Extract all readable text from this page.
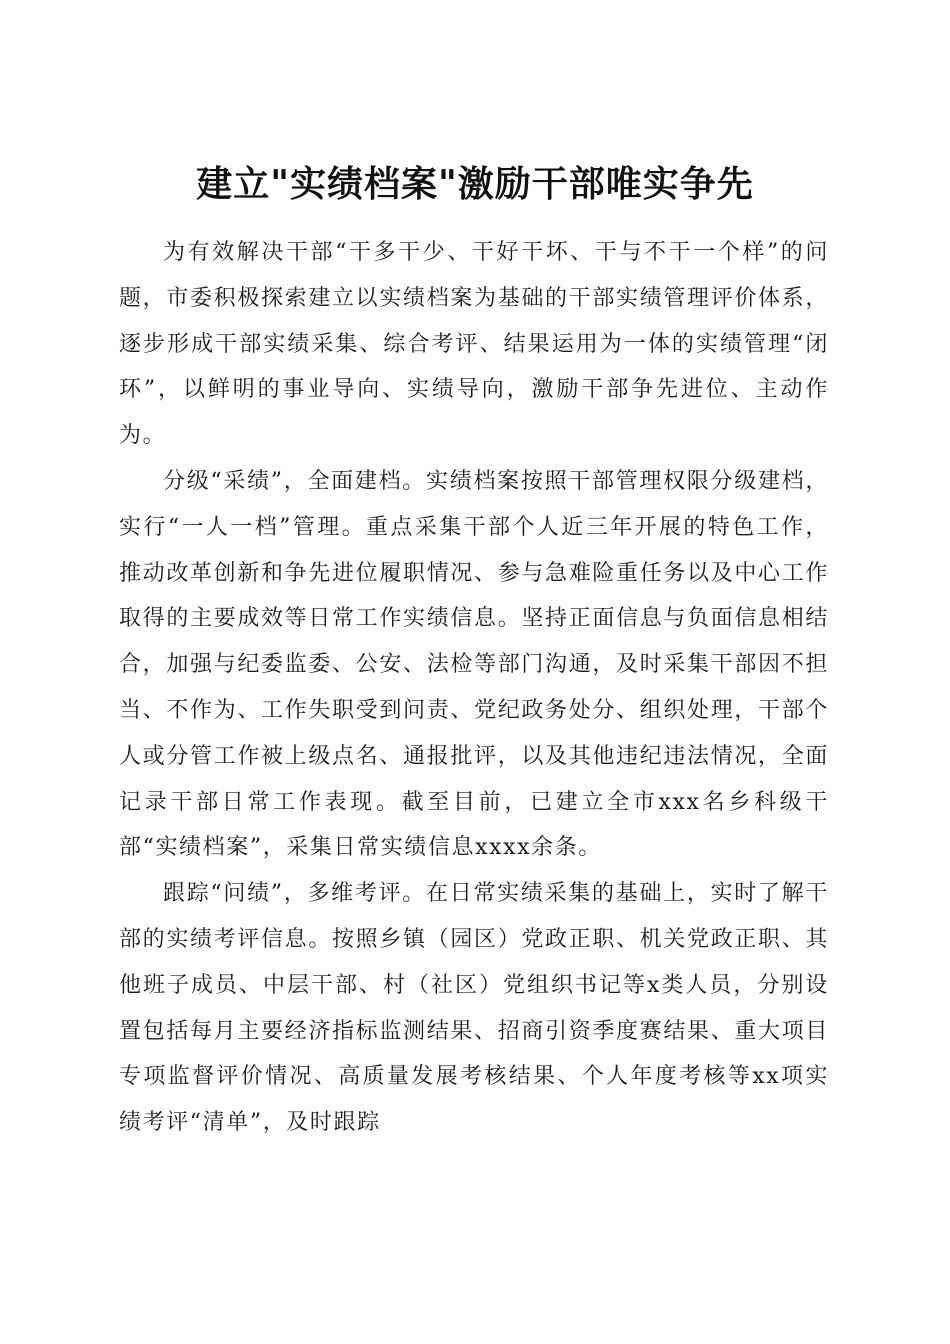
建立"实绩档案"激励干部唯实争先

为有效解决干部“干多干少、干好干坏、干与不干一个样”的问题，市委积极探索建立以实绩档案为基础的干部实绩管理评价体系，逐步形成干部实绩采集、综合考评、结果运用为一体的实绩管理“闭环”，以鲜明的事业导向、实绩导向，激励干部争先进位、主动作为。

分级“采绩”，全面建档。实绩档案按照干部管理权限分级建档，实行“一人一档”管理。重点采集干部个人近三年开展的特色工作，推动改革创新和争先进位履职情况、参与急难险重任务以及中心工作取得的主要成效等日常工作实绩信息。坚持正面信息与负面信息相结合，加强与纪委监委、公安、法检等部门沟通，及时采集干部因不担当、不作为、工作失职受到问责、党纪政务处分、组织处理，干部个人或分管工作被上级点名、通报批评，以及其他违纪违法情况，全面记录干部日常工作表现。截至目前，已建立全市xxx名乡科级干部“实绩档案”，采集日常实绩信息xxxx余条。

跟踪“问绩”，多维考评。在日常实绩采集的基础上，实时了解干部的实绩考评信息。按照乡镇（园区）党政正职、机关党政正职、其他班子成员、中层干部、村（社区）党组织书记等x类人员，分别设置包括每月主要经济指标监测结果、招商引资季度赛结果、重大项目专项监督评价情况、高质量发展考核结果、个人年度考核等xx项实绩考评“清单”，及时跟踪
